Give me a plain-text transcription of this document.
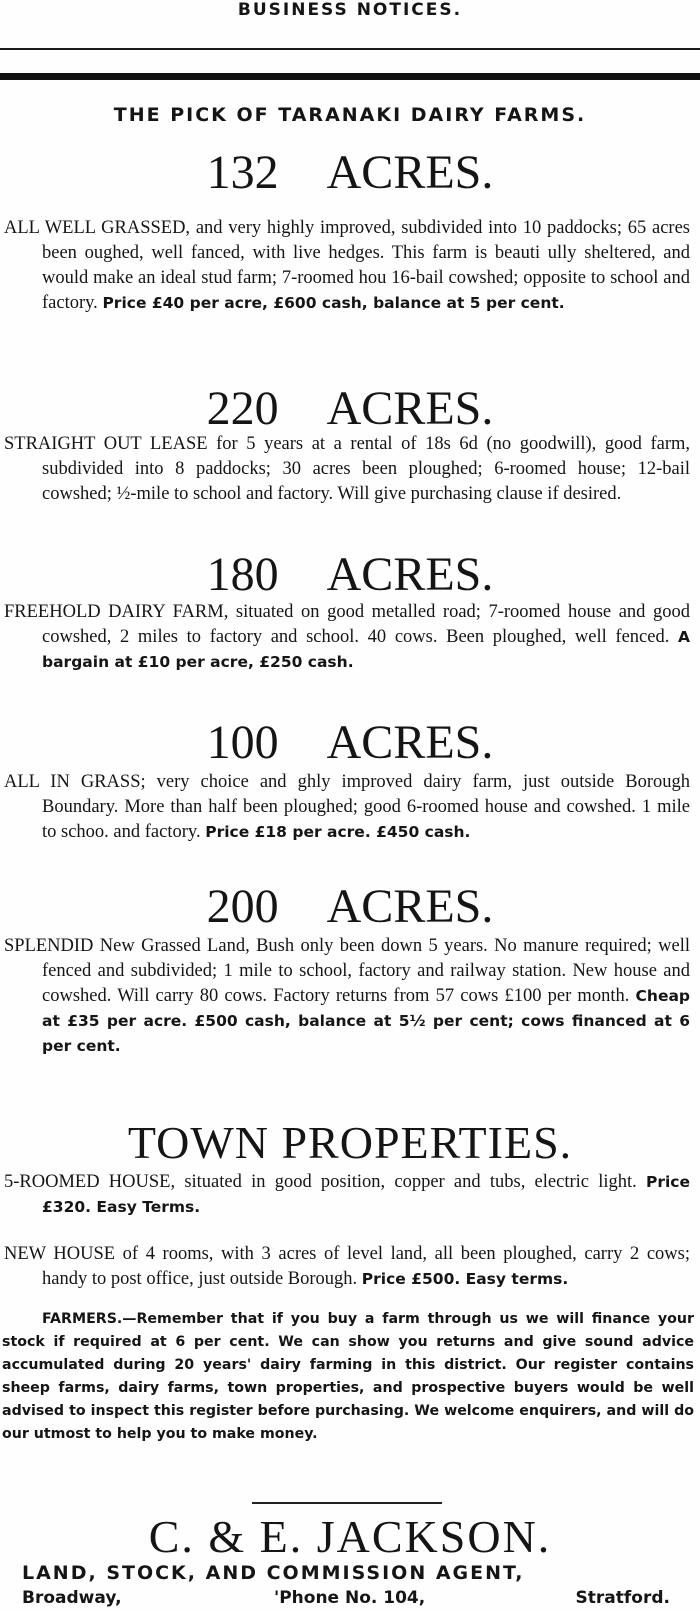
BUSINESS NOTICES.
THE PICK OF TARANAKI DAIRY FARMS.
132 ACRES.

ALL WELL GRASSED, and very highly improved, subdivided into 10 paddocks; 65 acres been oughed, well fanced, with live hedges. This farm is beauti ully sheltered, and would make an ideal stud farm; 7-roomed hou 16-bail cowshed; opposite to school and factory. Price £40 per acre, £600 cash, balance at 5 per cent.

220 ACRES.

STRAIGHT OUT LEASE for 5 years at a rental of 18s 6d (no goodwill), good farm, subdivided into 8 paddocks; 30 acres been ploughed; 6-roomed house; 12-bail cowshed; ½-mile to school and factory. Will give purchasing clause if desired.

180 ACRES.

FREEHOLD DAIRY FARM, situated on good metalled road; 7-roomed house and good cowshed, 2 miles to factory and school. 40 cows. Been ploughed, well fenced. A bargain at £10 per acre, £250 cash.

100 ACRES.

ALL IN GRASS; very choice and ghly improved dairy farm, just outside Borough Boundary. More than half been ploughed; good 6-roomed house and cowshed. 1 mile to schoo. and factory. Price £18 per acre. £450 cash.

200 ACRES.

SPLENDID New Grassed Land, Bush only been down 5 years. No manure required; well fenced and subdivided; 1 mile to school, factory and railway station. New house and cowshed. Will carry 80 cows. Factory returns from 57 cows £100 per month. Cheap at £35 per acre. £500 cash, balance at 5½ per cent; cows financed at 6 per cent.

TOWN PROPERTIES.

5-ROOMED HOUSE, situated in good position, copper and tubs, electric light. Price £320. Easy Terms.

NEW HOUSE of 4 rooms, with 3 acres of level land, all been ploughed, carry 2 cows; handy to post office, just outside Borough. Price £500. Easy terms.

FARMERS.—Remember that if you buy a farm through us we will finance your stock if required at 6 per cent. We can show you returns and give sound advice accumulated during 20 years' dairy farming in this district. Our register contains sheep farms, dairy farms, town properties, and prospective buyers would be well advised to inspect this register before purchasing. We welcome enquirers, and will do our utmost to help you to make money.

C. & E. JACKSON.
LAND, STOCK, AND COMMISSION AGENT,
Broadway,	'Phone No. 104,	Stratford.
